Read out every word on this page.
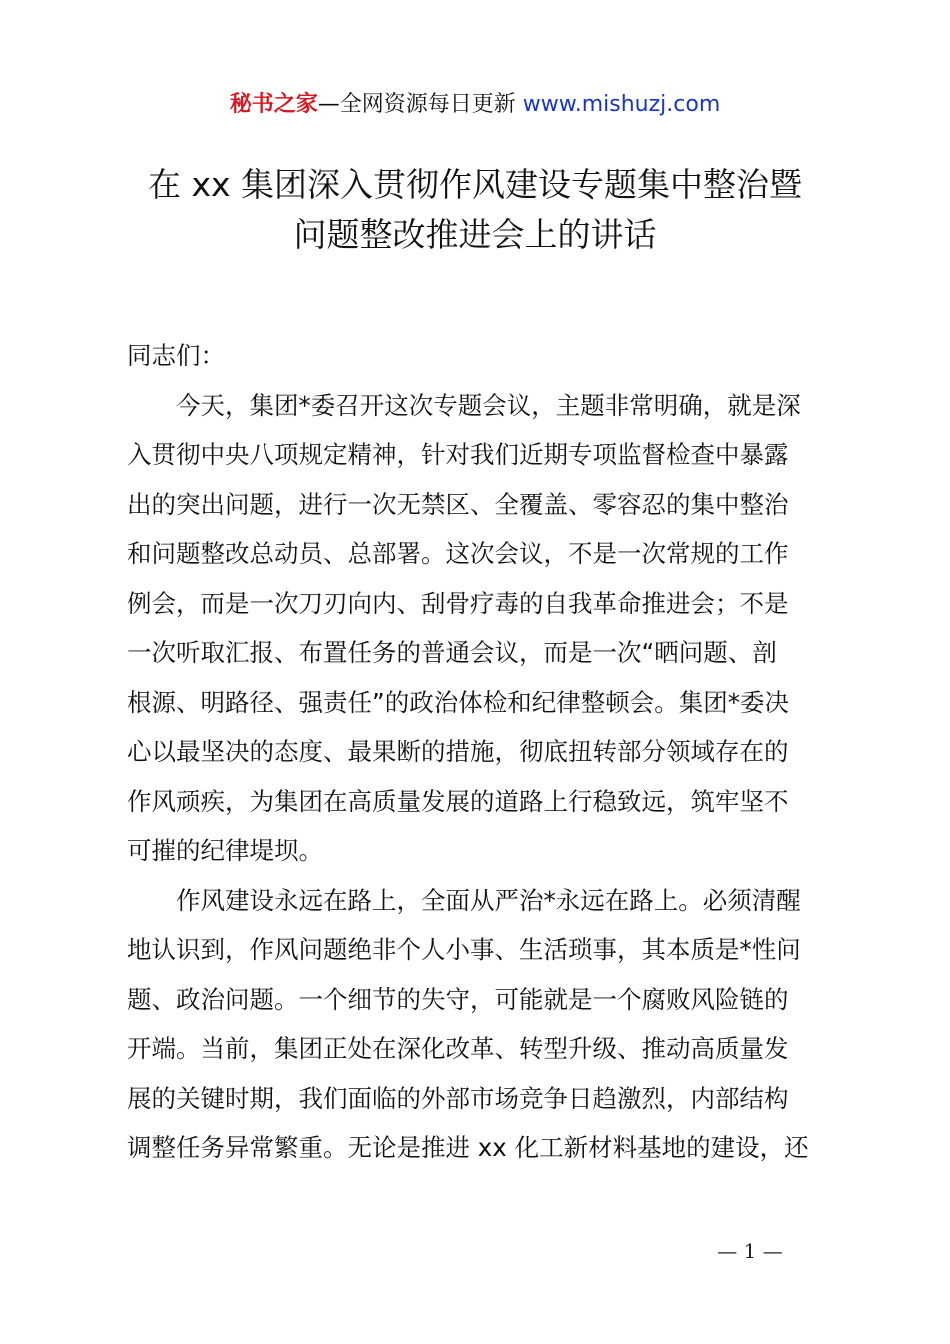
秘书之家—全网资源每日更新 www.mishuzj.com
在 xx 集团深入贯彻作风建设专题集中整治暨
问题整改推进会上的讲话
同志们：
　　今天，集团*委召开这次专题会议，主题非常明确，就是深
入贯彻中央八项规定精神，针对我们近期专项监督检查中暴露
出的突出问题，进行一次无禁区、全覆盖、零容忍的集中整治
和问题整改总动员、总部署。这次会议，不是一次常规的工作
例会，而是一次刀刃向内、刮骨疗毒的自我革命推进会；不是
一次听取汇报、布置任务的普通会议，而是一次“晒问题、剖
根源、明路径、强责任”的政治体检和纪律整顿会。集团*委决
心以最坚决的态度、最果断的措施，彻底扭转部分领域存在的
作风顽疾，为集团在高质量发展的道路上行稳致远，筑牢坚不
可摧的纪律堤坝。
　　作风建设永远在路上，全面从严治*永远在路上。必须清醒
地认识到，作风问题绝非个人小事、生活琐事，其本质是*性问
题、政治问题。一个细节的失守，可能就是一个腐败风险链的
开端。当前，集团正处在深化改革、转型升级、推动高质量发
展的关键时期，我们面临的外部市场竞争日趋激烈，内部结构
调整任务异常繁重。无论是推进 xx 化工新材料基地的建设，还
— 1 —
